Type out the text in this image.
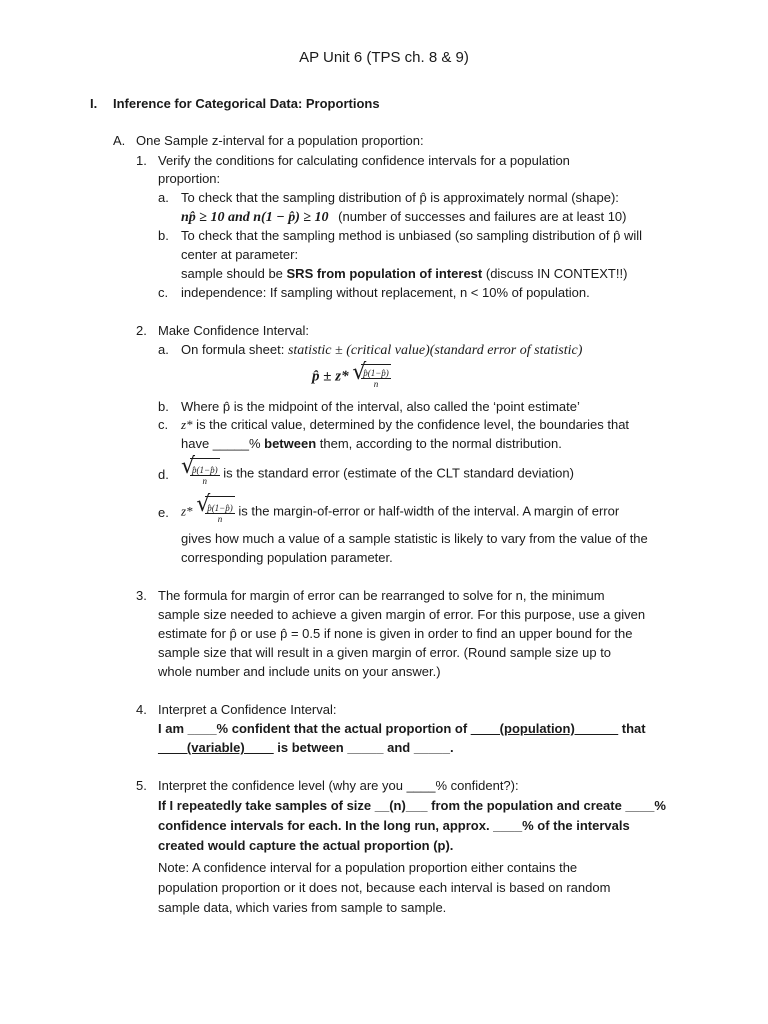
AP Unit 6 (TPS ch. 8 & 9)
I. Inference for Categorical Data: Proportions
A. One Sample z-interval for a population proportion:
1. Verify the conditions for calculating confidence intervals for a population
proportion:
a. To check that the sampling distribution of p̂ is approximately normal (shape):
np̂ ≥ 10 and n(1 − p̂) ≥ 10 (number of successes and failures are at least 10)
b. To check that the sampling method is unbiased (so sampling distribution of p̂ will
center at parameter:
sample should be SRS from population of interest (discuss IN CONTEXT!!)
c. independence: If sampling without replacement, n < 10% of population.
2. Make Confidence Interval:
a. On formula sheet: statistic ± (critical value)(standard error of statistic)
p̂ ± z* √
$\frac{p̂(1-p̂)}{n}$
b. Where p̂ is the midpoint of the interval, also called the ‘point estimate’
c. z* is the critical value, determined by the confidence level, the boundaries that
have _____% between them, according to the normal distribution.
d. √
$\frac{p̂(1-p̂)}{n}$ is the standard error (estimate of the CLT standard deviation)
e. z* √
$\frac{p̂(1-p̂)}{n}$ is the margin-of-error or half-width of the interval. A margin of error
gives how much a value of a sample statistic is likely to vary from the value of the
corresponding population parameter.
3. The formula for margin of error can be rearranged to solve for n, the minimum
sample size needed to achieve a given margin of error. For this purpose, use a given
estimate for p̂ or use p̂ = 0.5 if none is given in order to find an upper bound for the
sample size that will result in a given margin of error. (Round sample size up to
whole number and include units on your answer.)
4. Interpret a Confidence Interval:
I am ____% confident that the actual proportion of ____(population)______ that
____(variable)____ is between _____ and _____.
5. Interpret the confidence level (why are you ____% confident?):
If I repeatedly take samples of size __(n)___ from the population and create ____%
confidence intervals for each. In the long run, approx. ____% of the intervals
created would capture the actual proportion (p).
Note: A confidence interval for a population proportion either contains the
population proportion or it does not, because each interval is based on random
sample data, which varies from sample to sample.
